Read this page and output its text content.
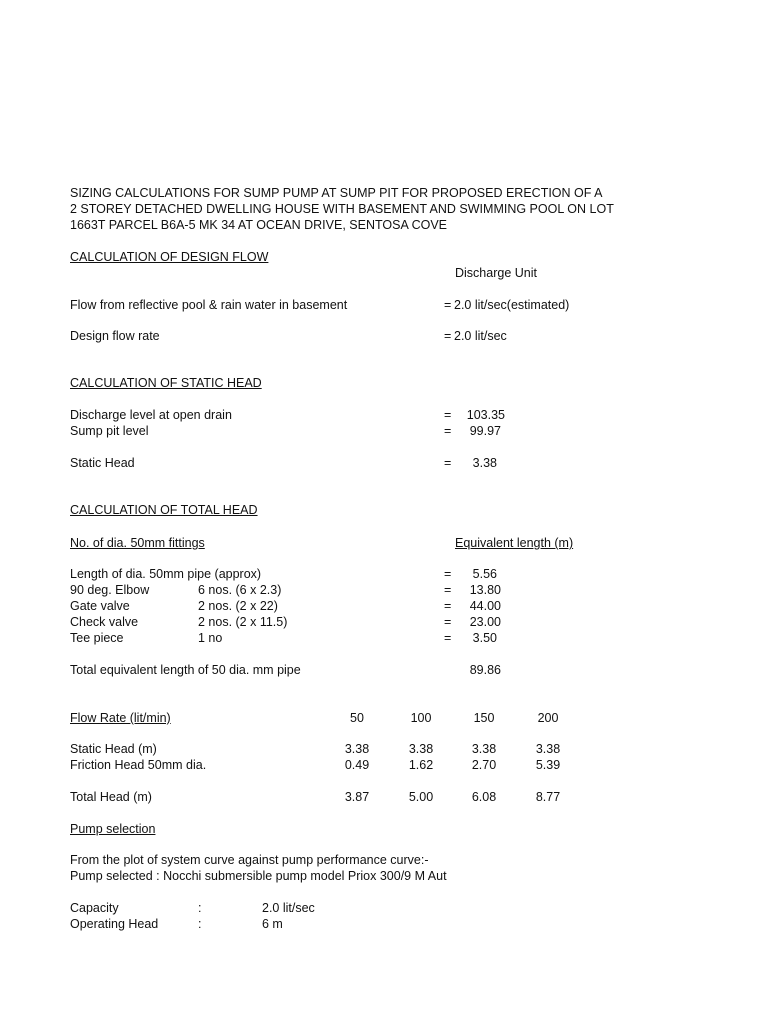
SIZING CALCULATIONS FOR SUMP PUMP AT SUMP PIT FOR PROPOSED ERECTION OF A
2 STOREY DETACHED DWELLING HOUSE WITH BASEMENT AND SWIMMING POOL ON LOT
1663T PARCEL B6A-5 MK 34 AT OCEAN DRIVE, SENTOSA COVE
CALCULATION OF DESIGN FLOW
Discharge Unit
Flow from reflective pool & rain water in basement	= 2.0 lit/sec(estimated)
Design flow rate	= 2.0 lit/sec
CALCULATION OF STATIC HEAD
Discharge level at open drain	=	103.35
Sump pit level	=	99.97
Static Head	=	3.38
CALCULATION OF TOTAL HEAD
No. of dia. 50mm fittings	Equivalent length (m)
Length of dia. 50mm pipe (approx)	=	5.56
90 deg. Elbow	6 nos. (6 x 2.3)	=	13.80
Gate valve	2 nos. (2 x 22)	=	44.00
Check valve	2 nos. (2 x 11.5)	=	23.00
Tee piece	1 no	=	3.50
Total equivalent length of 50 dia. mm pipe	89.86
Flow Rate (lit/min)	50	100	150	200
Static Head (m)	3.38	3.38	3.38	3.38
Friction Head 50mm dia.	0.49	1.62	2.70	5.39
Total Head (m)	3.87	5.00	6.08	8.77
Pump selection
From the plot of system curve against pump performance curve:-
Pump selected : Nocchi submersible pump model Priox 300/9 M Aut
Capacity	:	2.0 lit/sec
Operating Head	:	6 m
